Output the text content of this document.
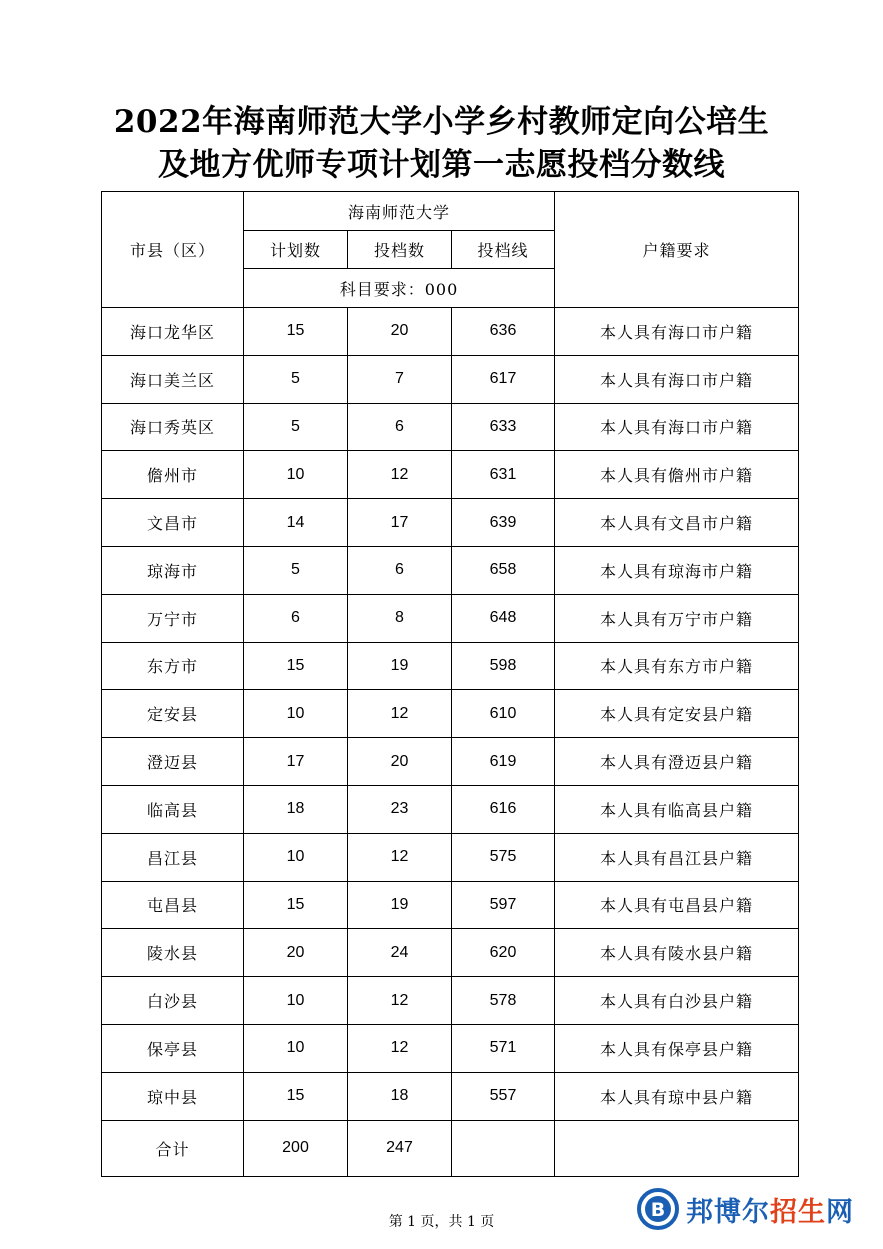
2022年海南师范大学小学乡村教师定向公培生
及地方优师专项计划第一志愿投档分数线
市县（区）	海南师范大学			户籍要求
	计划数	投档数	投档线	
	科目要求：000			
海口龙华区	15	20	636	本人具有海口市户籍
海口美兰区	5	7	617	本人具有海口市户籍
海口秀英区	5	6	633	本人具有海口市户籍
儋州市	10	12	631	本人具有儋州市户籍
文昌市	14	17	639	本人具有文昌市户籍
琼海市	5	6	658	本人具有琼海市户籍
万宁市	6	8	648	本人具有万宁市户籍
东方市	15	19	598	本人具有东方市户籍
定安县	10	12	610	本人具有定安县户籍
澄迈县	17	20	619	本人具有澄迈县户籍
临高县	18	23	616	本人具有临高县户籍
昌江县	10	12	575	本人具有昌江县户籍
屯昌县	15	19	597	本人具有屯昌县户籍
陵水县	20	24	620	本人具有陵水县户籍
白沙县	10	12	578	本人具有白沙县户籍
保亭县	10	12	571	本人具有保亭县户籍
琼中县	15	18	557	本人具有琼中县户籍
合计	200	247		
第 1 页，共 1 页
B 邦博尔招生网
